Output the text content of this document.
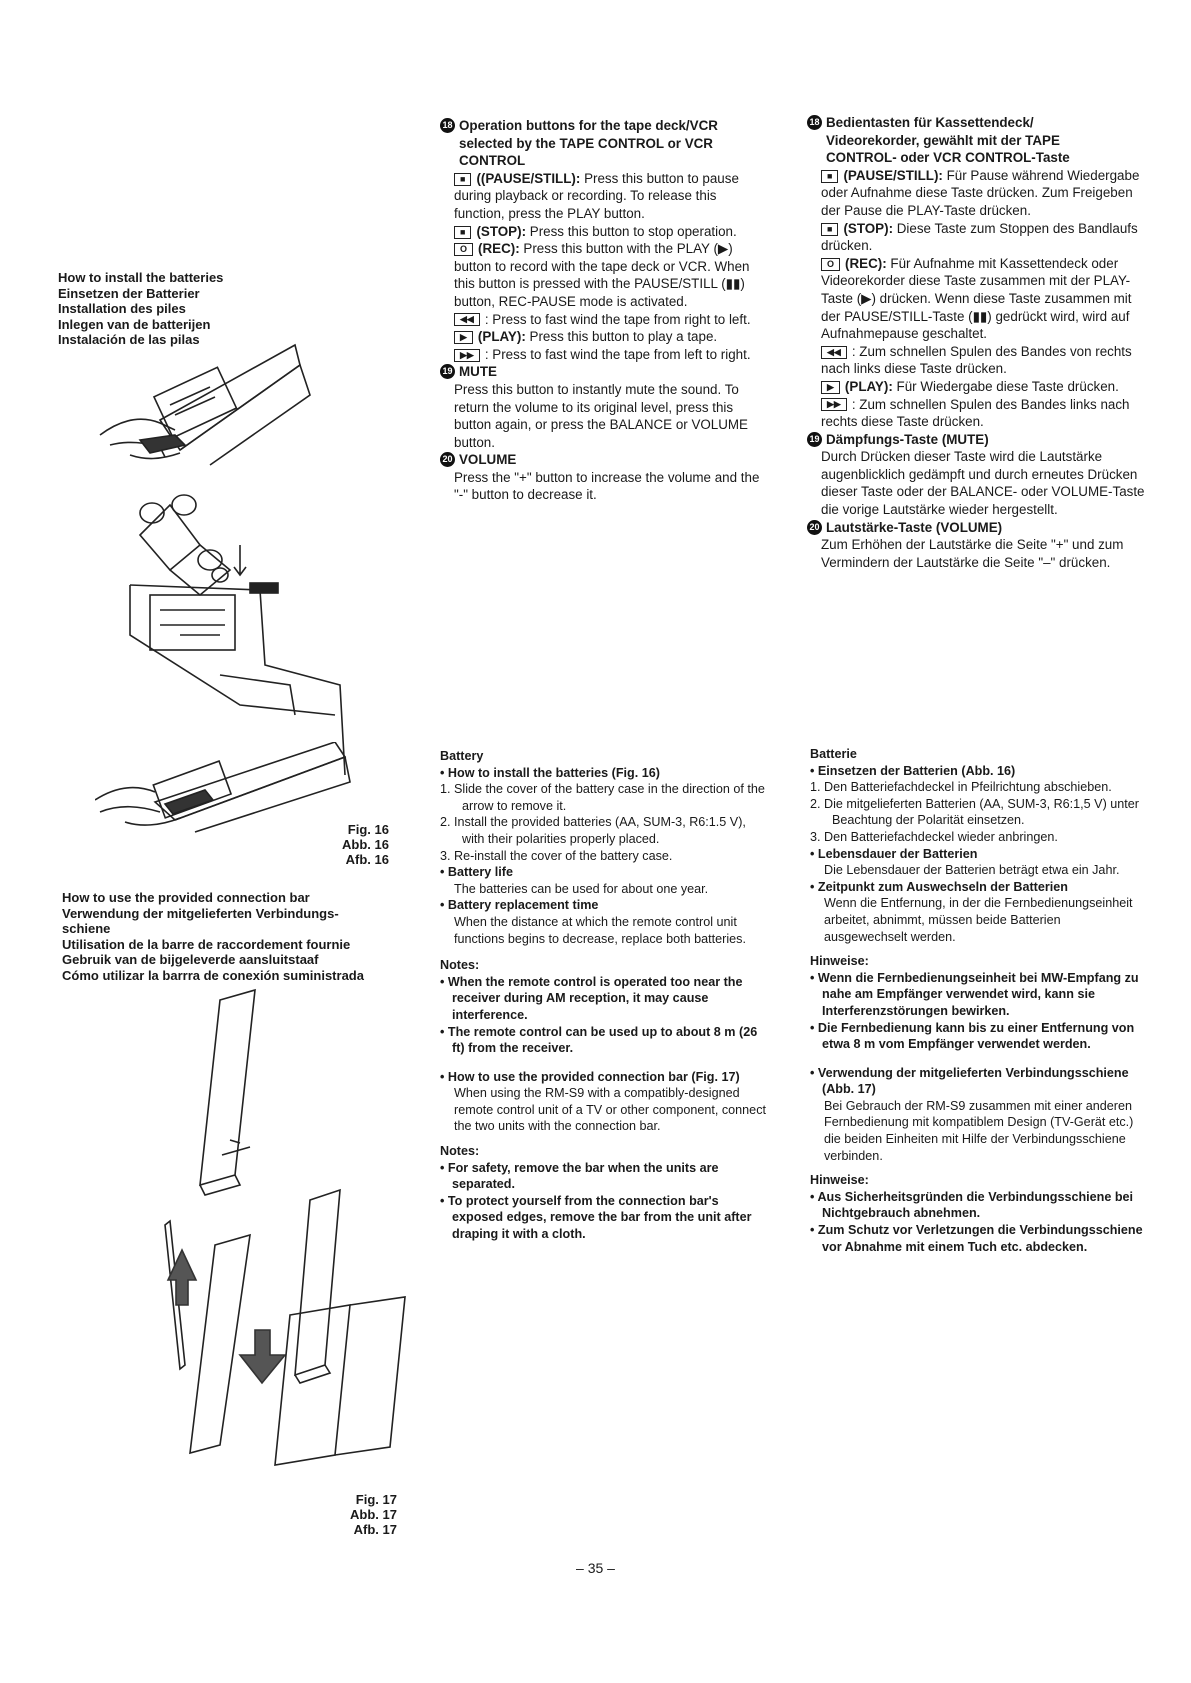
How to install the batteries
Einsetzen der Batterier
Installation des piles
Inlegen van de batterijen
Instalación de las pilas
Fig. 16
Abb. 16
Afb. 16
How to use the provided connection bar
Verwendung der mitgelieferten Verbindungs-
schiene
Utilisation de la barre de raccordement fournie
Gebruik van de bijgeleverde aansluitstaaf
Cómo utilizar la barrra de conexión suministrada
Fig. 17
Abb. 17
Afb. 17
18 Operation buttons for the tape deck/VCR
selected by the TAPE CONTROL or VCR
CONTROL

■ ((PAUSE/STILL): Press this button to pause during playback or recording. To release this function, press the PLAY button.

■ (STOP): Press this button to stop operation.

O (REC): Press this button with the PLAY (▶) button to record with the tape deck or VCR. When this button is pressed with the PAUSE/STILL (▮▮) button, REC-PAUSE mode is activated.

◀◀ : Press to fast wind the tape from right to left.

▶ (PLAY): Press this button to play a tape.

▶▶ : Press to fast wind the tape from left to right.

19 MUTE

Press this button to instantly mute the sound. To return the volume to its original level, press this button again, or press the BALANCE or VOLUME button.

20 VOLUME

Press the "+" button to increase the volume and the "-" button to decrease it.

18 Bedientasten für Kassettendeck/
Videorekorder, gewählt mit der TAPE
CONTROL- oder VCR CONTROL-Taste

■ (PAUSE/STILL): Für Pause während Wiedergabe oder Aufnahme diese Taste drücken. Zum Freigeben der Pause die PLAY-Taste drücken.

■ (STOP): Diese Taste zum Stoppen des Bandlaufs drücken.

O (REC): Für Aufnahme mit Kassettendeck oder Videorekorder diese Taste zusammen mit der PLAY-Taste (▶) drücken. Wenn diese Taste zusammen mit der PAUSE/STILL-Taste (▮▮) gedrückt wird, wird auf Aufnahmepause geschaltet.

◀◀ : Zum schnellen Spulen des Bandes von rechts nach links diese Taste drücken.

▶ (PLAY): Für Wiedergabe diese Taste drücken.

▶▶ : Zum schnellen Spulen des Bandes links nach rechts diese Taste drücken.

19 Dämpfungs-Taste (MUTE)

Durch Drücken dieser Taste wird die Lautstärke augenblicklich gedämpft und durch erneutes Drücken dieser Taste oder der BALANCE- oder VOLUME-Taste die vorige Lautstärke wieder hergestellt.

20 Lautstärke-Taste (VOLUME)

Zum Erhöhen der Lautstärke die Seite "+" und zum Vermindern der Lautstärke die Seite "–" drücken.

Battery

• How to install the batteries (Fig. 16)

1. Slide the cover of the battery case in the direction of the arrow to remove it.

2. Install the provided batteries (AA, SUM-3, R6:1.5 V), with their polarities properly placed.

3. Re-install the cover of the battery case.

• Battery life

The batteries can be used for about one year.

• Battery replacement time

When the distance at which the remote control unit functions begins to decrease, replace both batteries.

Notes:

• When the remote control is operated too near the receiver during AM reception, it may cause interference.

• The remote control can be used up to about 8 m (26 ft) from the receiver.

• How to use the provided connection bar (Fig. 17)

When using the RM-S9 with a compatibly-designed remote control unit of a TV or other component, connect the two units with the connection bar.

Notes:

• For safety, remove the bar when the units are separated.

• To protect yourself from the connection bar's exposed edges, remove the bar from the unit after draping it with a cloth.

Batterie

• Einsetzen der Batterien (Abb. 16)

1. Den Batteriefachdeckel in Pfeilrichtung abschieben.

2. Die mitgelieferten Batterien (AA, SUM-3, R6:1,5 V) unter Beachtung der Polarität einsetzen.

3. Den Batteriefachdeckel wieder anbringen.

• Lebensdauer der Batterien

Die Lebensdauer der Batterien beträgt etwa ein Jahr.

• Zeitpunkt zum Auswechseln der Batterien

Wenn die Entfernung, in der die Fernbedienungseinheit arbeitet, abnimmt, müssen beide Batterien ausgewechselt werden.

Hinweise:

• Wenn die Fernbedienungseinheit bei MW-Empfang zu nahe am Empfänger verwendet wird, kann sie Interferenzstörungen bewirken.

• Die Fernbedienung kann bis zu einer Entfernung von etwa 8 m vom Empfänger verwendet werden.

• Verwendung der mitgelieferten Verbindungsschiene (Abb. 17)

Bei Gebrauch der RM-S9 zusammen mit einer anderen Fernbedienung mit kompatiblem Design (TV-Gerät etc.) die beiden Einheiten mit Hilfe der Verbindungsschiene verbinden.

Hinweise:

• Aus Sicherheitsgründen die Verbindungsschiene bei Nichtgebrauch abnehmen.

• Zum Schutz vor Verletzungen die Verbindungsschiene vor Abnahme mit einem Tuch etc. abdecken.

– 35 –
